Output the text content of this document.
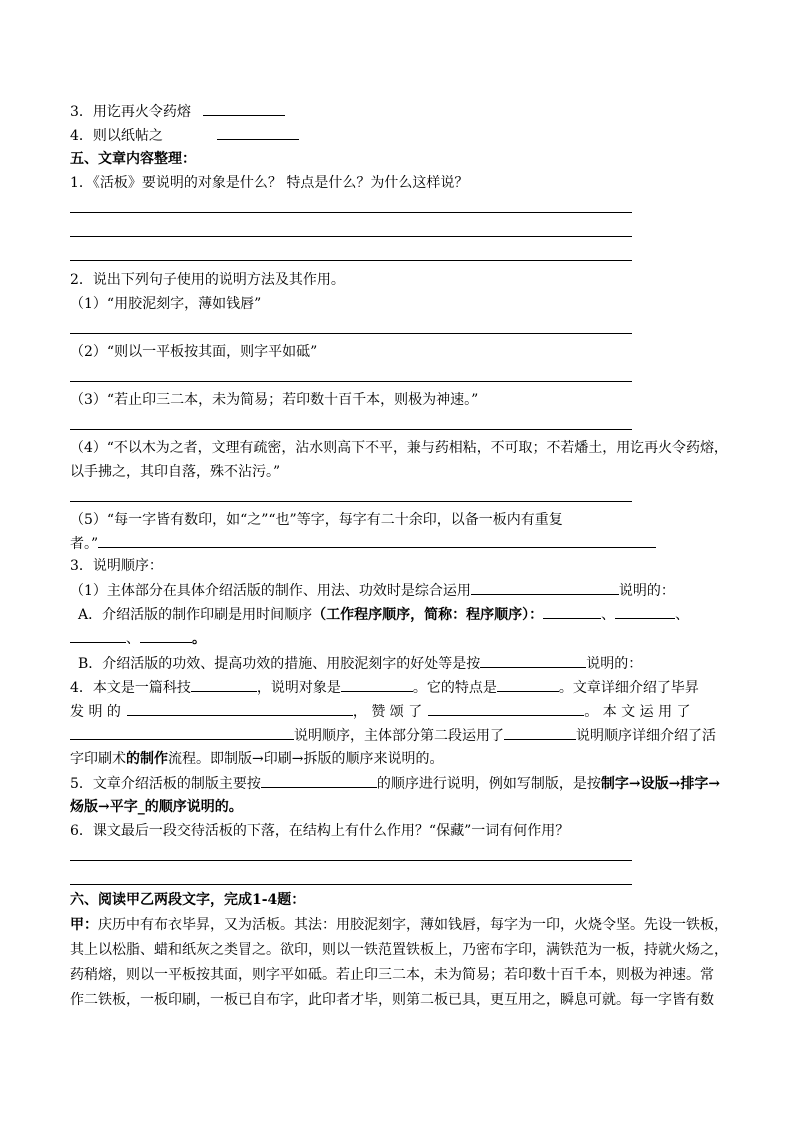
3．用讫再火令药熔
4．则以纸帖之
五、文章内容整理：
1．《活板》要说明的对象是什么？ 特点是什么？为什么这样说？
2．说出下列句子使用的说明方法及其作用。
（1）“用胶泥刻字，薄如钱唇”
（2）“则以一平板按其面，则字平如砥”
（3）“若止印三二本，未为简易；若印数十百千本，则极为神速。”
（4）“不以木为之者，文理有疏密，沾水则高下不平，兼与药相粘，不可取；不若燔土，用讫再火令药熔，
以手拂之，其印自落，殊不沾污。”
（5）“每一字皆有数印，如“之”“也”等字，每字有二十余印，以备一板内有重复
者。”
3．说明顺序：
（1）主体部分在具体介绍活版的制作、用法、功效时是综合运用	说明的：
A．介绍活版的制作印刷是用时间顺序（工作程序顺序，简称：程序顺序）：	、	、
、	。
B．介绍活版的功效、提高功效的措施、用胶泥刻字的好处等是按	说明的：
4．本文是一篇科技	，说明对象是	。它的特点是	。文章详细介绍了毕昇
发 明 的	， 赞 颂 了	。 本 文 运 用 了
说明顺序，主体部分第二段运用了	说明顺序详细介绍了活
字印刷术的制作流程。即制版→印刷→拆版的顺序来说明的。
5．文章介绍活板的制版主要按	的顺序进行说明，例如写制版，是按制字→设版→排字→
炀版→平字_的顺序说明的。
6．课文最后一段交待活板的下落，在结构上有什么作用？“保藏”一词有何作用？
六、阅读甲乙两段文字，完成1-4题：
甲：庆历中有布衣毕昇，又为活板。其法：用胶泥刻字，薄如钱唇，每字为一印，火烧令坚。先设一铁板，
其上以松脂、蜡和纸灰之类冒之。欲印，则以一铁范置铁板上，乃密布字印，满铁范为一板，持就火炀之，
药稍熔，则以一平板按其面，则字平如砥。若止印三二本，未为简易；若印数十百千本，则极为神速。常
作二铁板，一板印刷，一板已自布字，此印者才毕，则第二板已具，更互用之，瞬息可就。每一字皆有数
